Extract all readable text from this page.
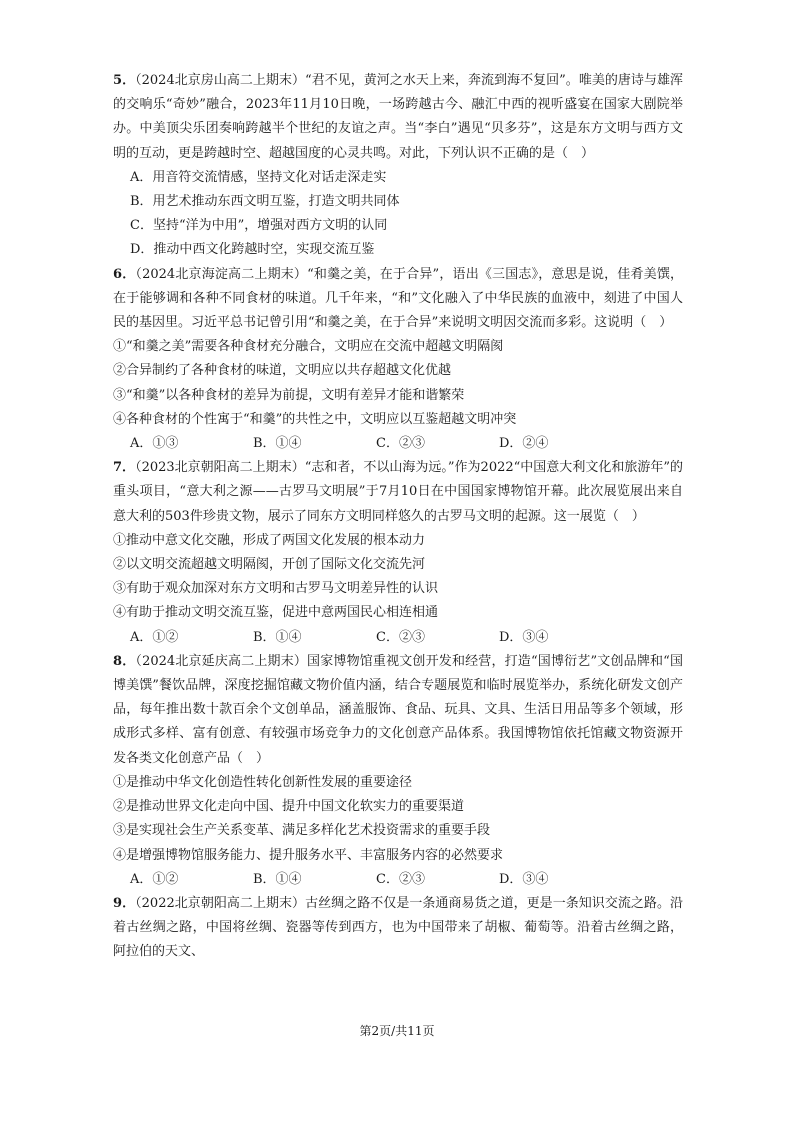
5．（2024北京房山高二上期末）“君不见，黄河之水天上来，奔流到海不复回”。唯美的唐诗与雄浑的交响乐“奇妙”融合，2023年11月10日晚，一场跨越古今、融汇中西的视听盛宴在国家大剧院举办。中美顶尖乐团奏响跨越半个世纪的友谊之声。当“李白”遇见“贝多芬”，这是东方文明与西方文明的互动，更是跨越时空、超越国度的心灵共鸣。对此，下列认识不正确的是（　）

A．用音符交流情感，坚持文化对话走深走实

B．用艺术推动东西文明互鉴，打造文明共同体

C．坚持“洋为中用”，增强对西方文明的认同

D．推动中西文化跨越时空，实现交流互鉴

6．（2024北京海淀高二上期末）“和羹之美，在于合异”，语出《三国志》，意思是说，佳肴美馔，在于能够调和各种不同食材的味道。几千年来，“和”文化融入了中华民族的血液中，刻进了中国人民的基因里。习近平总书记曾引用“和羹之美，在于合异”来说明文明因交流而多彩。这说明（　）

①“和羹之美”需要各种食材充分融合，文明应在交流中超越文明隔阂

②合异制约了各种食材的味道，文明应以共存超越文化优越

③“和羹”以各种食材的差异为前提，文明有差异才能和谐繁荣

④各种食材的个性寓于“和羹”的共性之中，文明应以互鉴超越文明冲突

A．①③	B．①④	C．②③	D．②④

7．（2023北京朝阳高二上期末）“志和者，不以山海为远。”作为2022“中国意大利文化和旅游年”的重头项目，“意大利之源——古罗马文明展”于7月10日在中国国家博物馆开幕。此次展览展出来自意大利的503件珍贵文物，展示了同东方文明同样悠久的古罗马文明的起源。这一展览（　）

①推动中意文化交融，形成了两国文化发展的根本动力

②以文明交流超越文明隔阂，开创了国际文化交流先河

③有助于观众加深对东方文明和古罗马文明差异性的认识

④有助于推动文明交流互鉴，促进中意两国民心相连相通

A．①②	B．①④	C．②③	D．③④

8．（2024北京延庆高二上期末）国家博物馆重视文创开发和经营，打造“国博衍艺”文创品牌和“国博美馔”餐饮品牌，深度挖掘馆藏文物价值内涵，结合专题展览和临时展览举办，系统化研发文创产品，每年推出数十款百余个文创单品，涵盖服饰、食品、玩具、文具、生活日用品等多个领域，形成形式多样、富有创意、有较强市场竞争力的文化创意产品体系。我国博物馆依托馆藏文物资源开发各类文化创意产品（　）

①是推动中华文化创造性转化创新性发展的重要途径

②是推动世界文化走向中国、提升中国文化软实力的重要渠道

③是实现社会生产关系变革、满足多样化艺术投资需求的重要手段

④是增强博物馆服务能力、提升服务水平、丰富服务内容的必然要求

A．①②	B．①④	C．②③	D．③④

9．（2022北京朝阳高二上期末）古丝绸之路不仅是一条通商易货之道，更是一条知识交流之路。沿着古丝绸之路，中国将丝绸、瓷器等传到西方，也为中国带来了胡椒、葡萄等。沿着古丝绸之路，阿拉伯的天文、

第2页/共11页
